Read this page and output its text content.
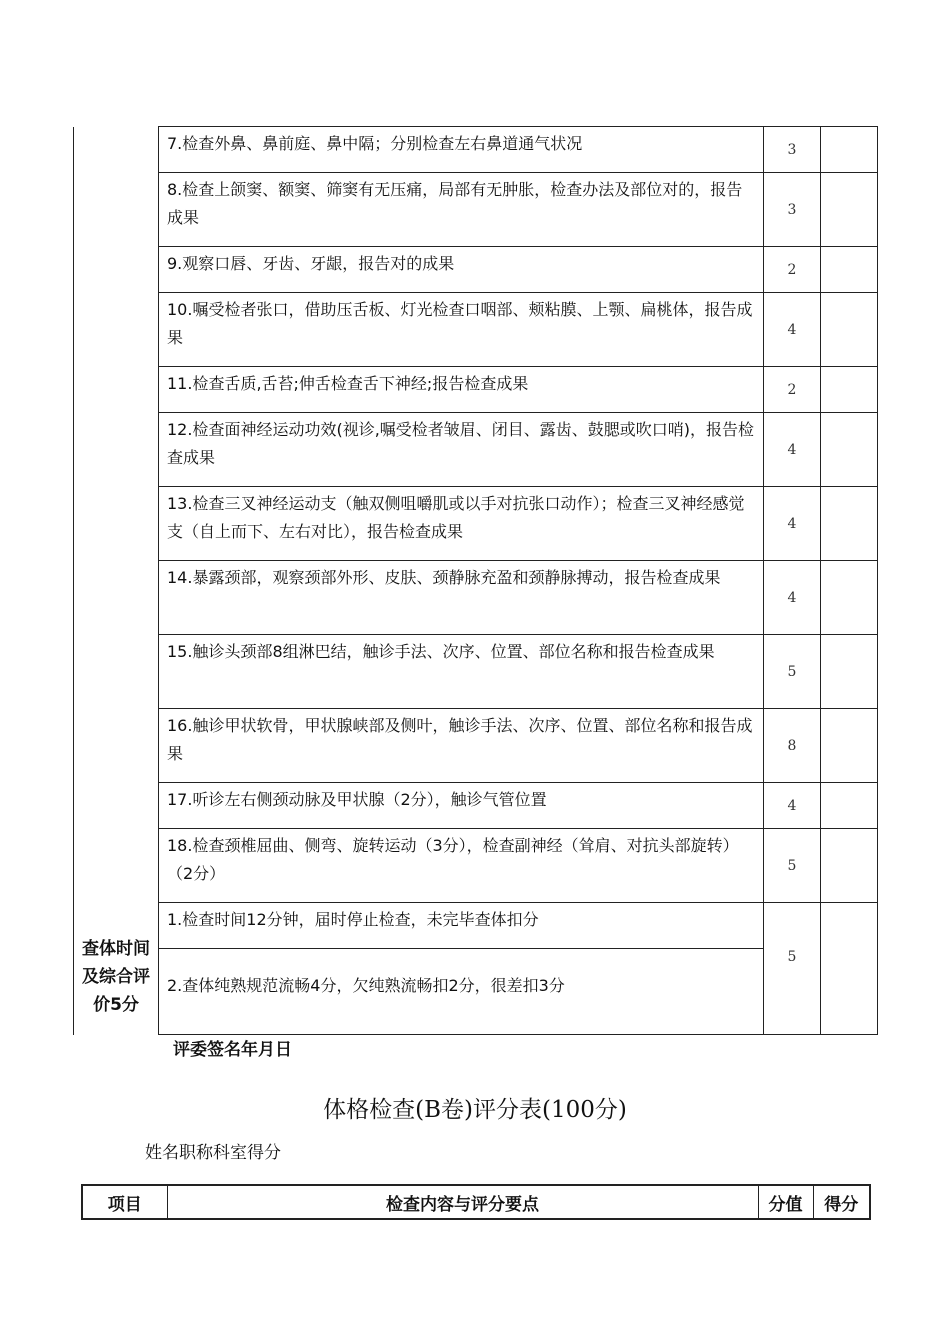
	7.检查外鼻、鼻前庭、鼻中隔；分别检查左右鼻道通气状况	3	
	8.检查上颌窦、额窦、筛窦有无压痛，局部有无肿胀，检查办法及部位对的，报告成果	3	
	9.观察口唇、牙齿、牙龈，报告对的成果	2	
	10.嘱受检者张口，借助压舌板、灯光检查口咽部、颊粘膜、上颚、扁桃体，报告成果	4	
	11.检查舌质,舌苔;伸舌检查舌下神经;报告检查成果	2	
	12.检查面神经运动功效(视诊,嘱受检者皱眉、闭目、露齿、鼓腮或吹口哨)，报告检查成果	4	
	13.检查三叉神经运动支（触双侧咀嚼肌或以手对抗张口动作）；检查三叉神经感觉支（自上而下、左右对比），报告检查成果	4	
	14.暴露颈部，观察颈部外形、皮肤、颈静脉充盈和颈静脉搏动，报告检查成果	4	
	15.触诊头颈部8组淋巴结，触诊手法、次序、位置、部位名称和报告检查成果	5	
	16.触诊甲状软骨，甲状腺峡部及侧叶，触诊手法、次序、位置、部位名称和报告成果	8	
	17.听诊左右侧颈动脉及甲状腺（2分），触诊气管位置	4	
	18.检查颈椎屈曲、侧弯、旋转运动（3分），检查副神经（耸肩、对抗头部旋转）（2分）	5	
查体时间及综合评价5分	1.检查时间12分钟，届时停止检查，未完毕查体扣分	5	
	2.查体纯熟规范流畅4分，欠纯熟流畅扣2分，很差扣3分		
评委签名年月日
体格检查(B卷)评分表(100分)
姓名职称科室得分
项目	检查内容与评分要点	分值	得分
